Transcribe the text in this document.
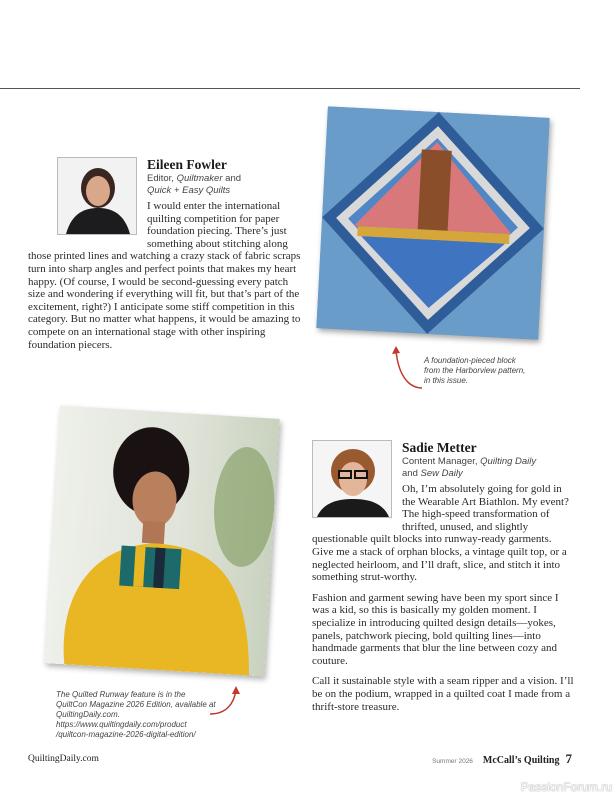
A foundation-pieced block
from the Harborview pattern,
in this issue.
Eileen Fowler
Editor, Quiltmaker and
Quick + Easy Quilts

I would enter the international quilting competition for paper foundation piecing. There’s just something about stitching along those printed lines and watching a crazy stack of fabric scraps turn into sharp angles and perfect points that makes my heart happy. (Of course, I would be second-guessing every patch size and wondering if everything will fit, but that’s part of the excitement, right?) I anticipate some stiff competition in this category. But no matter what happens, it would be amazing to compete on an international stage with other inspiring foundation piecers.

The Quilted Runway feature is in the
QuiltCon Magazine 2026 Edition, available at
QuiltingDaily.com.
https://www.quiltingdaily.com/product
/quiltcon-magazine-2026-digital-edition/
Sadie Metter
Content Manager, Quilting Daily
and Sew Daily

Oh, I’m absolutely going for gold in the Wearable Art Biathlon. My event? The high-speed transformation of thrifted, unused, and slightly questionable quilt blocks into runway-ready garments. Give me a stack of orphan blocks, a vintage quilt top, or a neglected heirloom, and I’ll draft, slice, and stitch it into something strut-worthy.

Fashion and garment sewing have been my sport since I was a kid, so this is basically my golden moment. I specialize in introducing quilted design details—yokes, panels, patchwork piecing, bold quilting lines—into handmade garments that blur the line between cozy and couture.

Call it sustainable style with a seam ripper and a vision. I’ll be on the podium, wrapped in a quilted coat I made from a thrift-store treasure.

QuiltingDaily.com	Summer 2026 McCall’s Quilting 7
PassionForum.ru
